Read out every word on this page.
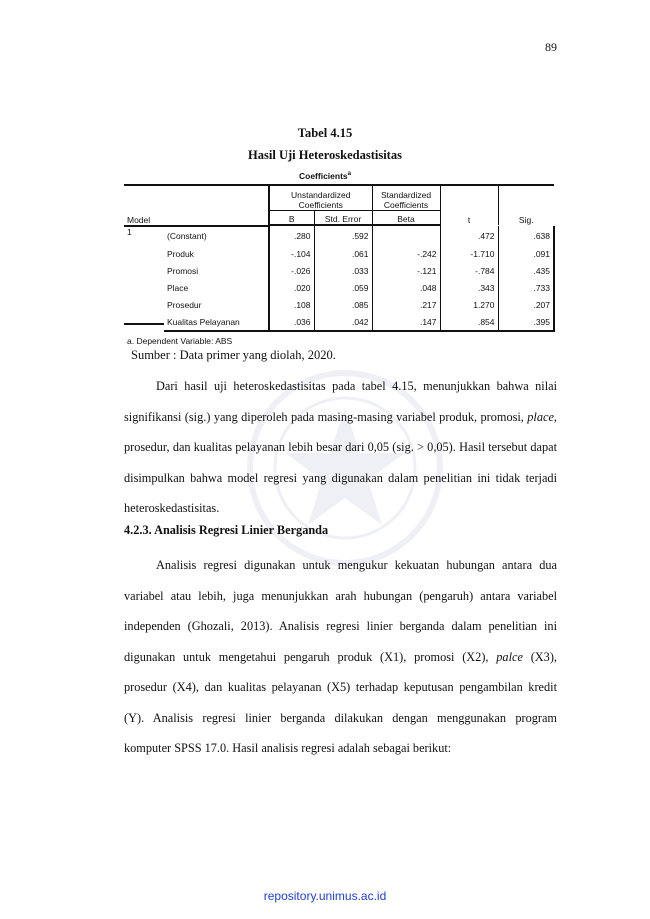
89
Tabel 4.15
Hasil Uji Heteroskedastisitas
Coefficients$^a$
Model		Unstandardized Coefficients		Standardized Coefficients	t	Sig.
		B	Std. Error	Beta		

1	(Constant)	.280	.592		.472	.638
	Produk	-.104	.061	-.242	-1.710	.091
	Promosi	-.026	.033	-.121	-.784	.435
	Place	.020	.059	.048	.343	.733
	Prosedur	.108	.085	.217	1.270	.207
	Kualitas Pelayanan	.036	.042	.147	.854	.395
a. Dependent Variable: ABS
Sumber : Data primer yang diolah, 2020.
Dari hasil uji heteroskedastisitas pada tabel 4.15, menunjukkan bahwa nilai signifikansi (sig.) yang diperoleh pada masing-masing variabel produk, promosi, place, prosedur, dan kualitas pelayanan lebih besar dari 0,05 (sig. > 0,05). Hasil tersebut dapat disimpulkan bahwa model regresi yang digunakan dalam penelitian ini tidak terjadi heteroskedastisitas.
4.2.3. Analisis Regresi Linier Berganda
Analisis regresi digunakan untuk mengukur kekuatan hubungan antara dua variabel atau lebih, juga menunjukkan arah hubungan (pengaruh) antara variabel independen (Ghozali, 2013). Analisis regresi linier berganda dalam penelitian ini digunakan untuk mengetahui pengaruh produk (X1), promosi (X2), palce (X3), prosedur (X4), dan kualitas pelayanan (X5) terhadap keputusan pengambilan kredit (Y). Analisis regresi linier berganda dilakukan dengan menggunakan program komputer SPSS 17.0. Hasil analisis regresi adalah sebagai berikut:
repository.unimus.ac.id
